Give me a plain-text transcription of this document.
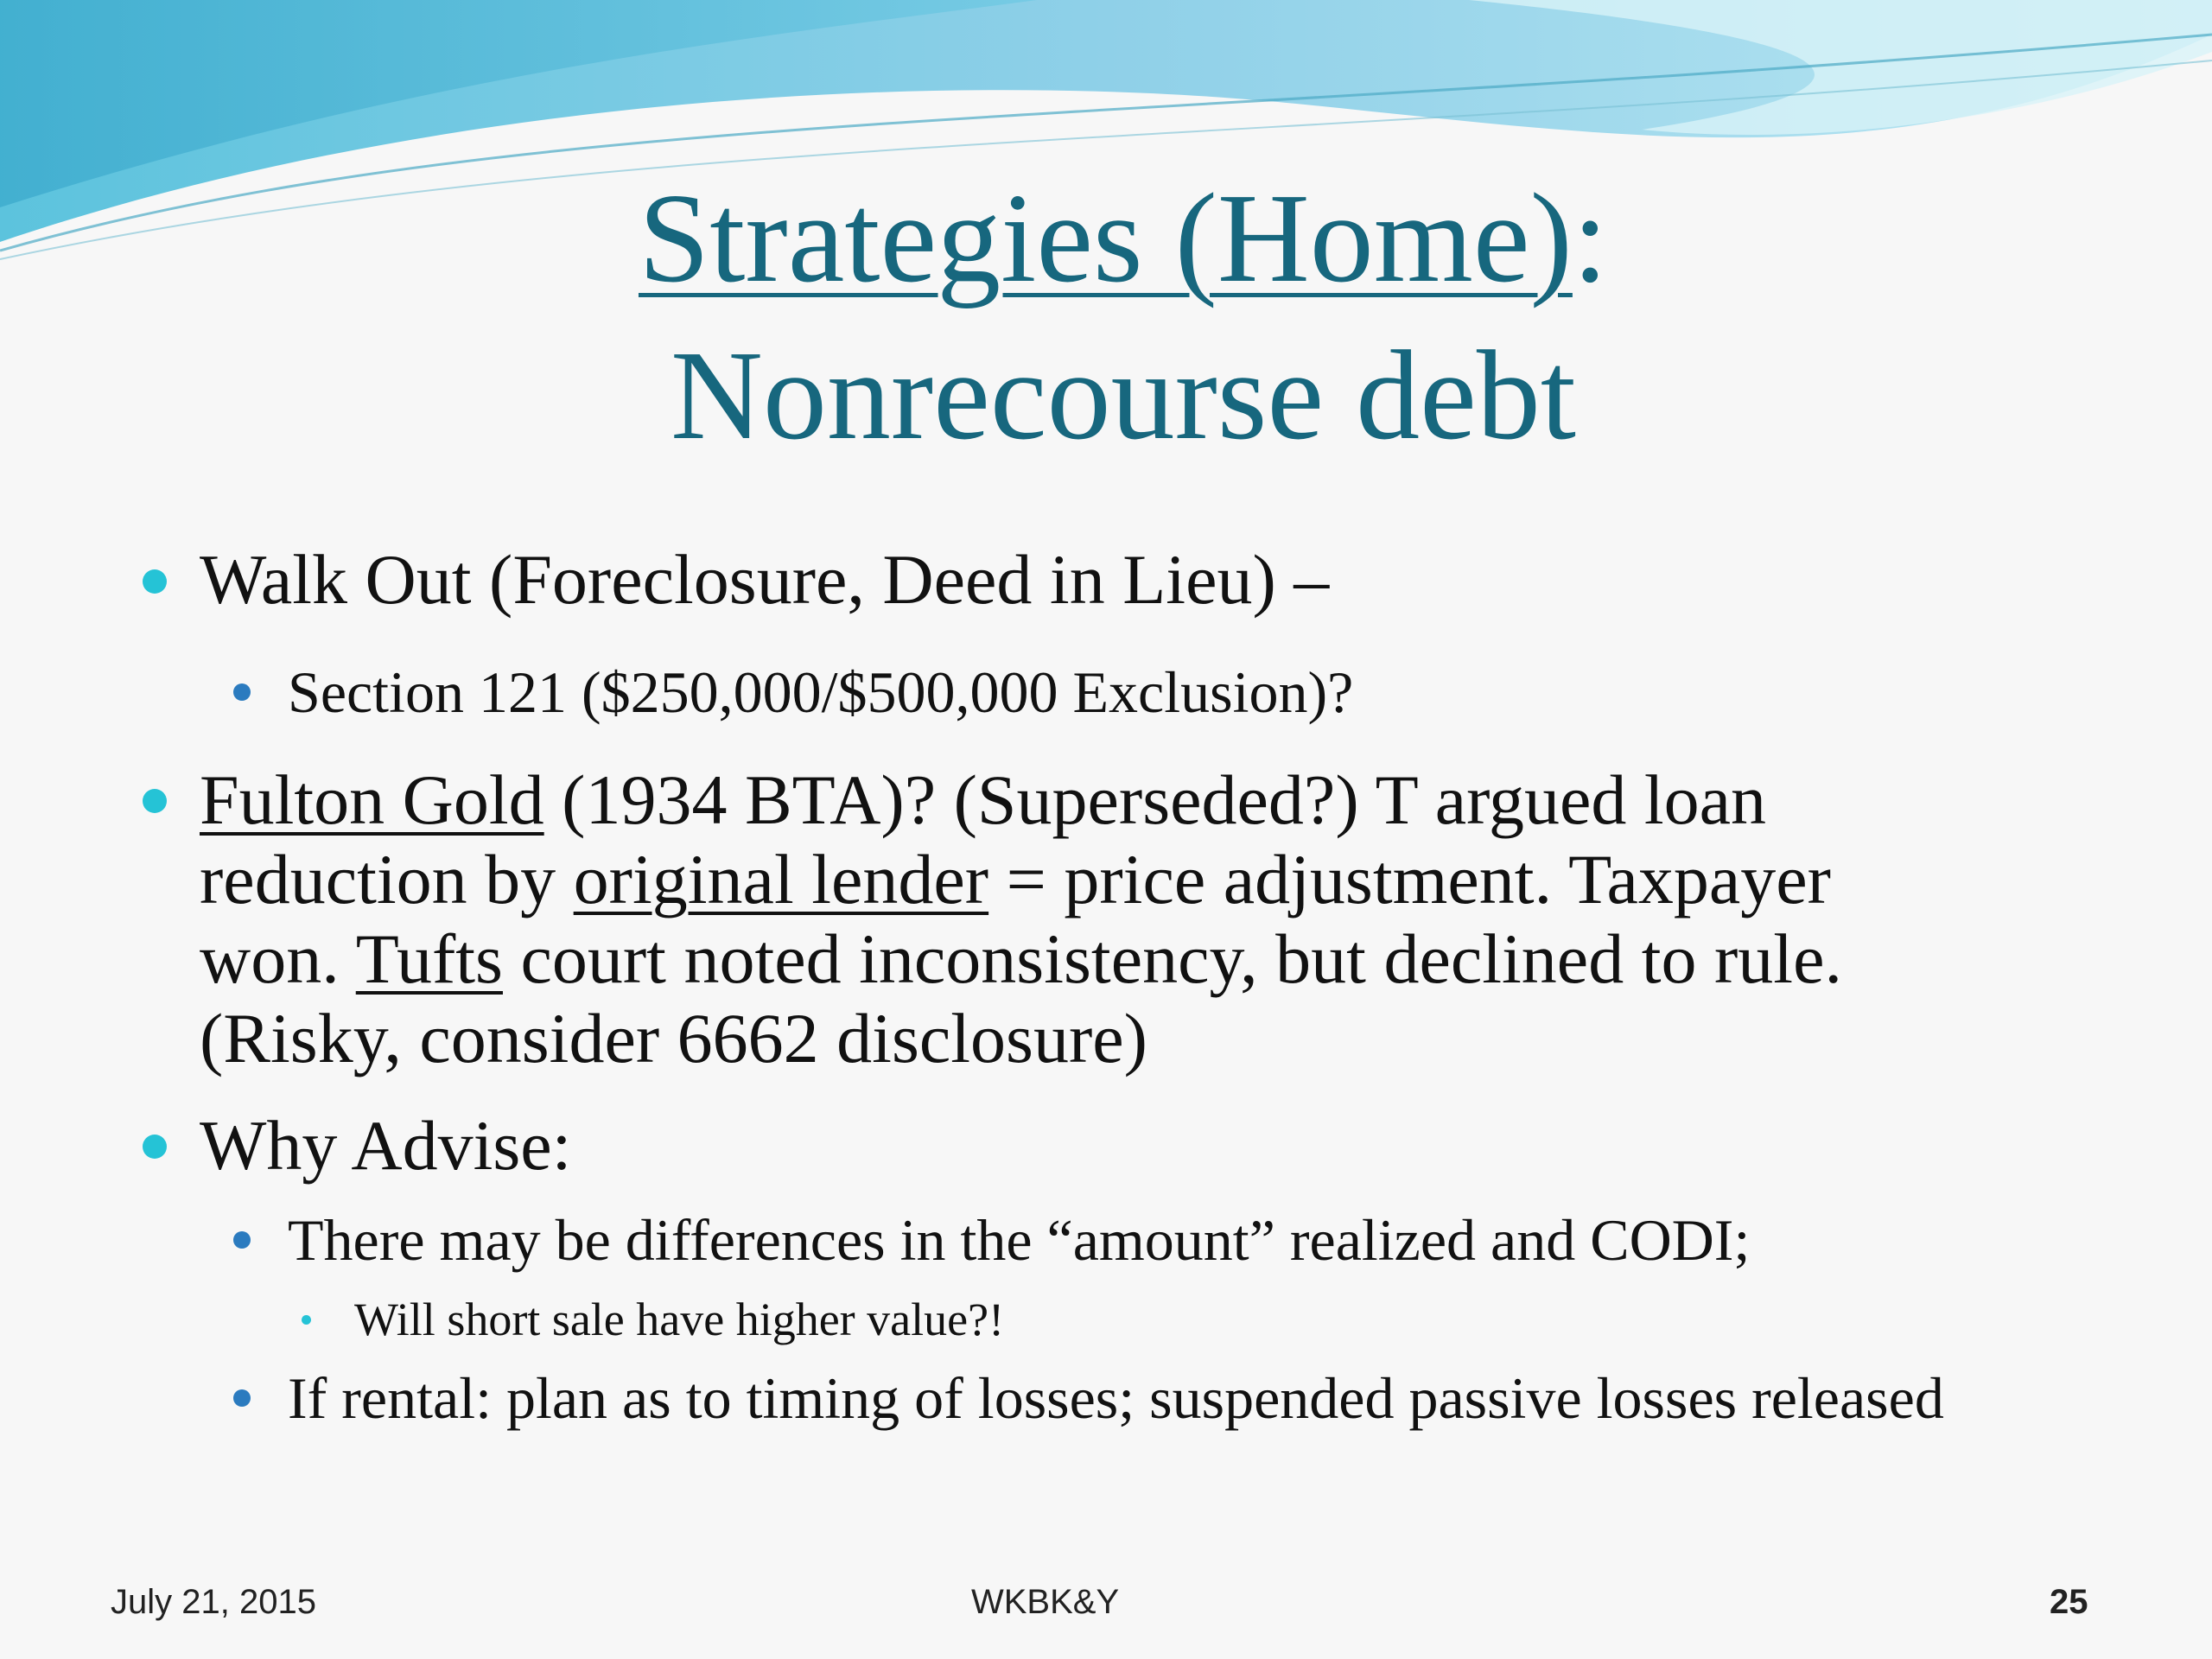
Strategies (Home):
Nonrecourse debt
Walk Out (Foreclosure, Deed in Lieu) –
Section 121 ($250,000/$500,000 Exclusion)?
Fulton Gold (1934 BTA)? (Superseded?) T argued loan
reduction by original lender = price adjustment. Taxpayer
won. Tufts court noted inconsistency, but declined to rule.
(Risky, consider 6662 disclosure)
Why Advise:
There may be differences in the “amount” realized and CODI;
Will short sale have higher value?!
If rental: plan as to timing of losses; suspended passive losses released
July 21, 2015	WKBK&Y	25
